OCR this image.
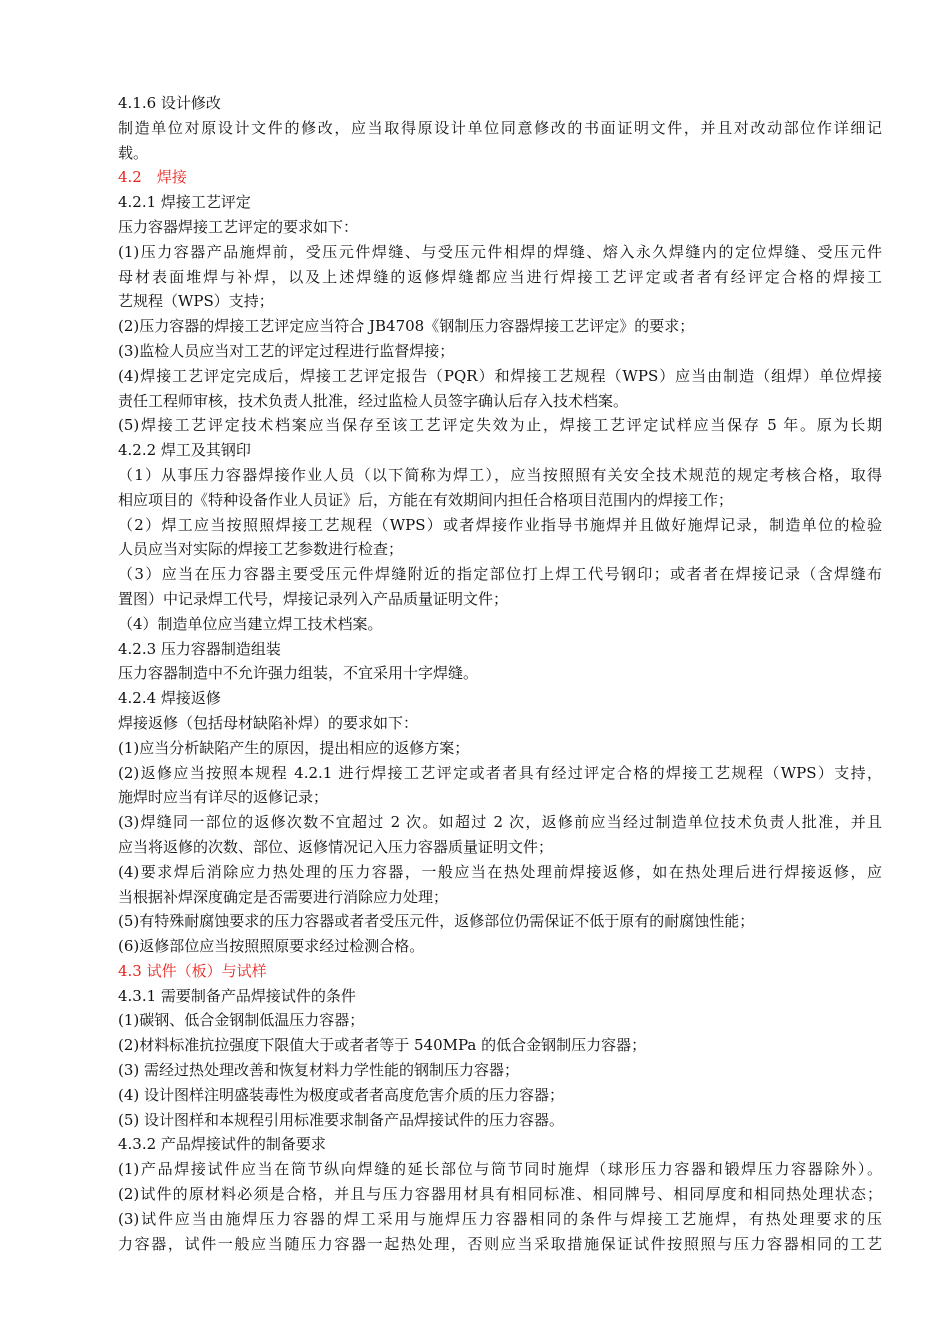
4.1.6 设计修改
制造单位对原设计文件的修改，应当取得原设计单位同意修改的书面证明文件，并且对改动部位作详细记
载。
4.2　焊接
4.2.1 焊接工艺评定
压力容器焊接工艺评定的要求如下：
(1)压力容器产品施焊前，受压元件焊缝、与受压元件相焊的焊缝、熔入永久焊缝内的定位焊缝、受压元件
母材表面堆焊与补焊，以及上述焊缝的返修焊缝都应当进行焊接工艺评定或者者有经评定合格的焊接工
艺规程（WPS）支持；
(2)压力容器的焊接工艺评定应当符合 JB4708《钢制压力容器焊接工艺评定》的要求；
(3)监检人员应当对工艺的评定过程进行监督焊接；
(4)焊接工艺评定完成后，焊接工艺评定报告（PQR）和焊接工艺规程（WPS）应当由制造（组焊）单位焊接
责任工程师审核，技术负责人批准，经过监检人员签字确认后存入技术档案。
(5)焊接工艺评定技术档案应当保存至该工艺评定失效为止，焊接工艺评定试样应当保存 5 年。原为长期
4.2.2 焊工及其钢印
（1）从事压力容器焊接作业人员（以下简称为焊工），应当按照照有关安全技术规范的规定考核合格，取得
相应项目的《特种设备作业人员证》后，方能在有效期间内担任合格项目范围内的焊接工作；
（2）焊工应当按照照焊接工艺规程（WPS）或者焊接作业指导书施焊并且做好施焊记录，制造单位的检验
人员应当对实际的焊接工艺参数进行检查；
（3）应当在压力容器主要受压元件焊缝附近的指定部位打上焊工代号钢印；或者者在焊接记录（含焊缝布
置图）中记录焊工代号，焊接记录列入产品质量证明文件；
（4）制造单位应当建立焊工技术档案。
4.2.3 压力容器制造组装
压力容器制造中不允许强力组装，不宜采用十字焊缝。
4.2.4 焊接返修
焊接返修（包括母材缺陷补焊）的要求如下：
(1)应当分析缺陷产生的原因，提出相应的返修方案；
(2)返修应当按照本规程 4.2.1 进行焊接工艺评定或者者具有经过评定合格的焊接工艺规程（WPS）支持，
施焊时应当有详尽的返修记录；
(3)焊缝同一部位的返修次数不宜超过 2 次。如超过 2 次，返修前应当经过制造单位技术负责人批准，并且
应当将返修的次数、部位、返修情况记入压力容器质量证明文件；
(4)要求焊后消除应力热处理的压力容器，一般应当在热处理前焊接返修，如在热处理后进行焊接返修，应
当根据补焊深度确定是否需要进行消除应力处理；
(5)有特殊耐腐蚀要求的压力容器或者者受压元件，返修部位仍需保证不低于原有的耐腐蚀性能；
(6)返修部位应当按照照原要求经过检测合格。
4.3 试件（板）与试样
4.3.1 需要制备产品焊接试件的条件
(1)碳钢、低合金钢制低温压力容器；
(2)材料标准抗拉强度下限值大于或者者等于 540MPa 的低合金钢制压力容器；
(3) 需经过热处理改善和恢复材料力学性能的钢制压力容器；
(4) 设计图样注明盛装毒性为极度或者者高度危害介质的压力容器；
(5) 设计图样和本规程引用标准要求制备产品焊接试件的压力容器。
4.3.2 产品焊接试件的制备要求
(1)产品焊接试件应当在筒节纵向焊缝的延长部位与筒节同时施焊（球形压力容器和锻焊压力容器除外）。
(2)试件的原材料必须是合格，并且与压力容器用材具有相同标准、相同牌号、相同厚度和相同热处理状态；
(3)试件应当由施焊压力容器的焊工采用与施焊压力容器相同的条件与焊接工艺施焊，有热处理要求的压
力容器，试件一般应当随压力容器一起热处理，否则应当采取措施保证试件按照照与压力容器相同的工艺
